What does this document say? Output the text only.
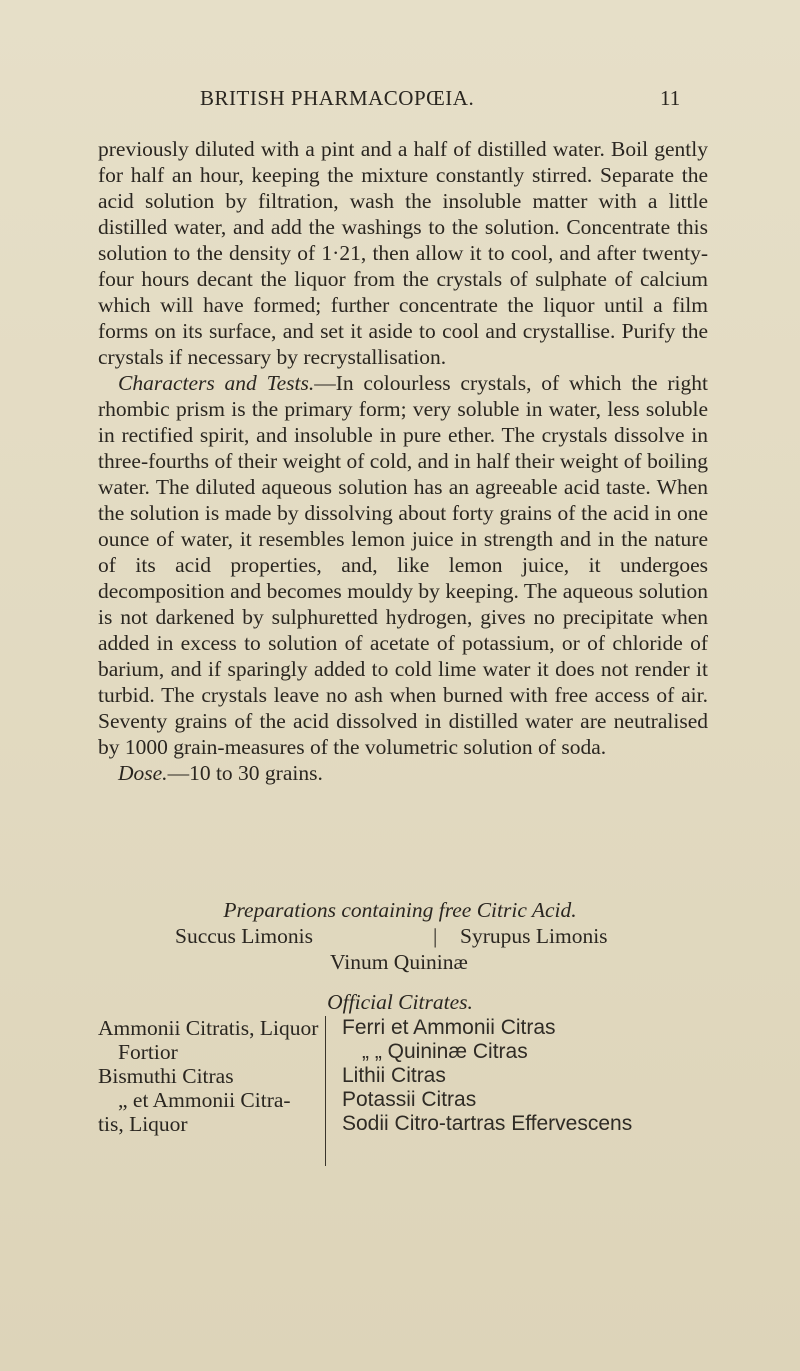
BRITISH PHARMACOPŒIA.	11

previously diluted with a pint and a half of distilled water. Boil gently for half an hour, keeping the mixture constantly stirred. Separate the acid solution by filtration, wash the insoluble matter with a little distilled water, and add the washings to the solution. Concentrate this solution to the density of 1·21, then allow it to cool, and after twenty-four hours decant the liquor from the crystals of sulphate of calcium which will have formed; further concentrate the liquor until a film forms on its surface, and set it aside to cool and crystallise. Purify the crystals if necessary by recrystallisation.

Characters and Tests.—In colourless crystals, of which the right rhombic prism is the primary form; very soluble in water, less soluble in rectified spirit, and insoluble in pure ether. The crystals dissolve in three-fourths of their weight of cold, and in half their weight of boiling water. The diluted aqueous solution has an agreeable acid taste. When the solution is made by dissolving about forty grains of the acid in one ounce of water, it resembles lemon juice in strength and in the nature of its acid properties, and, like lemon juice, it undergoes decomposition and becomes mouldy by keeping. The aqueous solution is not darkened by sulphuretted hydrogen, gives no precipitate when added in excess to solution of acetate of potassium, or of chloride of barium, and if sparingly added to cold lime water it does not render it turbid. The crystals leave no ash when burned with free access of air. Seventy grains of the acid dissolved in distilled water are neutralised by 1000 grain-measures of the volumetric solution of soda.

Dose.—10 to 30 grains.

Preparations containing free Citric Acid.
Succus Limonis	| Syrupus Limonis
Vinum Quininæ
Official Citrates.
Ammonii Citratis, Liquor
Fortior
Bismuthi Citras
„ et Ammonii Citra-
tis, Liquor
Ferri et Ammonii Citras
„ „ Quininæ Citras
Lithii Citras
Potassii Citras
Sodii Citro-tartras Effervescens
